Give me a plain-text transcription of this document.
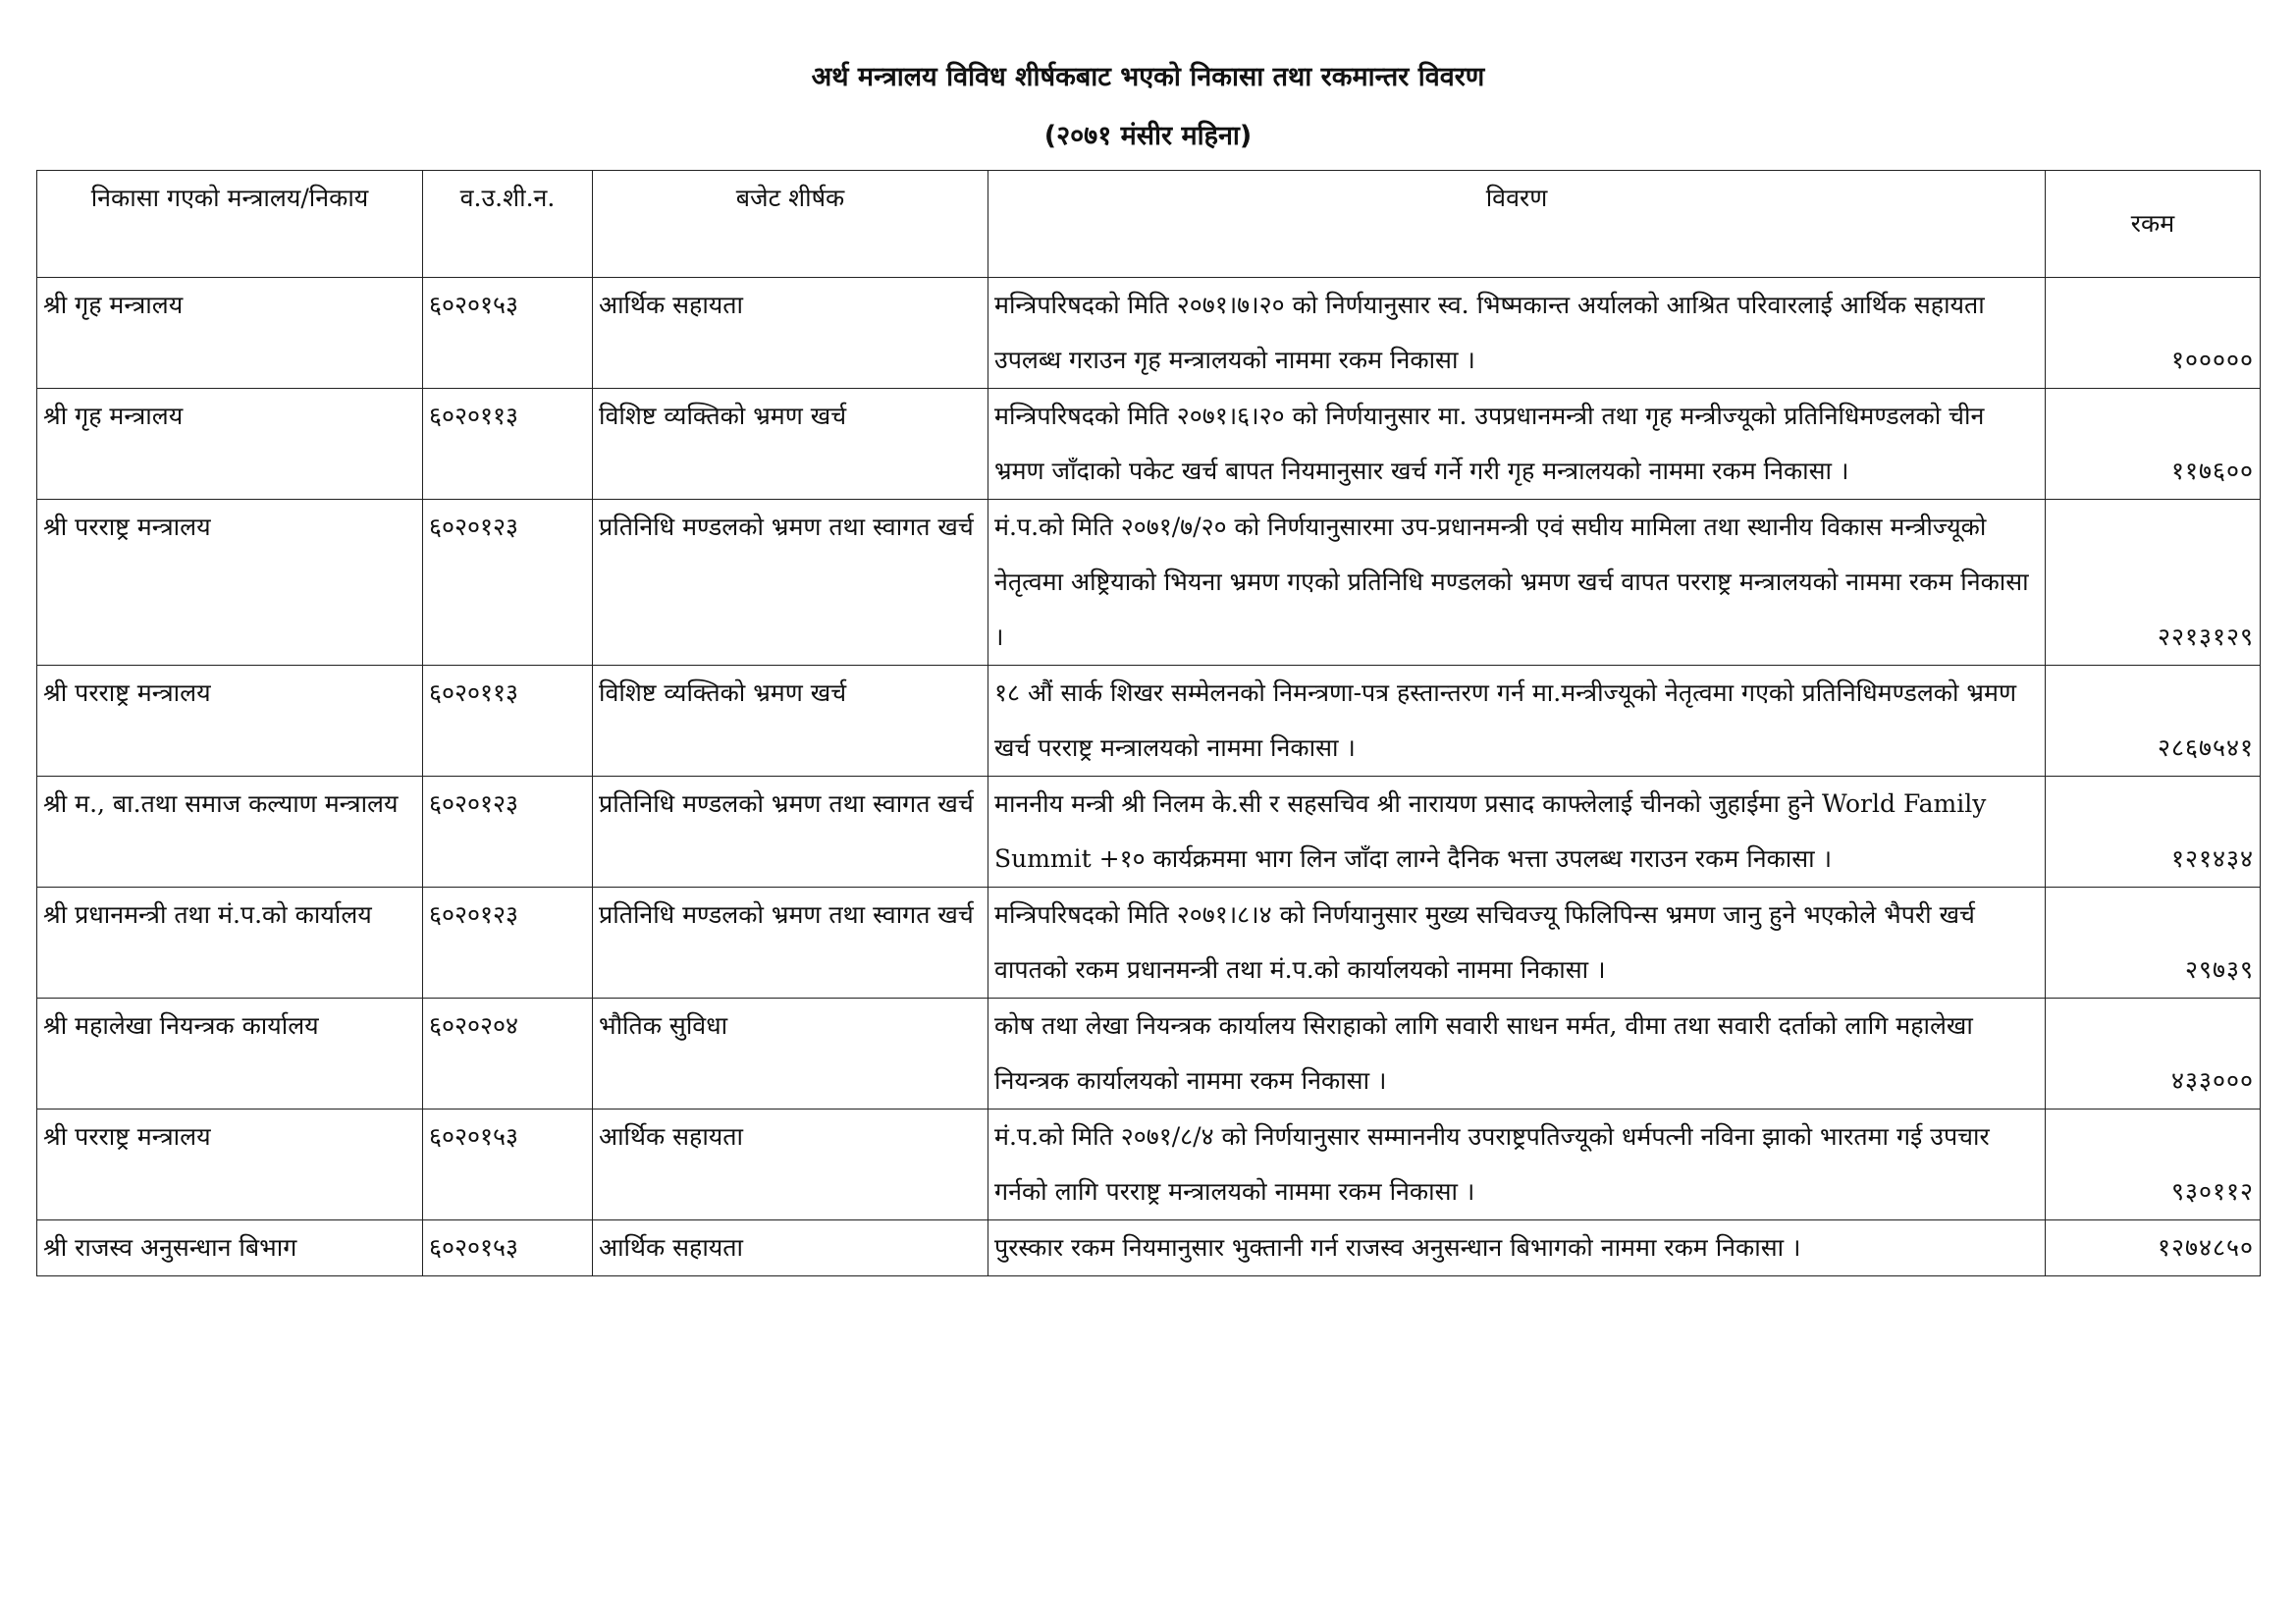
अर्थ मन्त्रालय विविध शीर्षकबाट भएको निकासा तथा रकमान्तर विवरण
(२०७१ मंसीर महिना)
निकासा गएको मन्त्रालय/निकाय	व.उ.शी.न.	बजेट शीर्षक	विवरण	रकम
श्री गृह मन्त्रालय	६०२०१५३	आर्थिक सहायता	मन्त्रिपरिषदको मिति २०७१।७।२० को निर्णयानुसार स्व. भिष्मकान्त अर्यालको आश्रित परिवारलाई आर्थिक सहायता उपलब्ध गराउन गृह मन्त्रालयको नाममा रकम निकासा ।	१०००००
श्री गृह मन्त्रालय	६०२०११३	विशिष्ट व्यक्तिको भ्रमण खर्च	मन्त्रिपरिषदको मिति २०७१।६।२० को निर्णयानुसार मा. उपप्रधानमन्त्री तथा गृह मन्त्रीज्यूको प्रतिनिधिमण्डलको चीन भ्रमण जाँदाको पकेट खर्च बापत नियमानुसार खर्च गर्ने गरी गृह मन्त्रालयको नाममा रकम निकासा ।	११७६००
श्री परराष्ट्र मन्त्रालय	६०२०१२३	प्रतिनिधि मण्डलको भ्रमण तथा स्वागत खर्च	मं.प.को मिति २०७१/७/२० को निर्णयानुसारमा उप-प्रधानमन्त्री एवं सघीय मामिला तथा स्थानीय विकास मन्त्रीज्यूको नेतृत्वमा अष्ट्रियाको भियना भ्रमण गएको प्रतिनिधि मण्डलको भ्रमण खर्च वापत परराष्ट्र मन्त्रालयको नाममा रकम निकासा ।	२२१३१२९
श्री परराष्ट्र मन्त्रालय	६०२०११३	विशिष्ट व्यक्तिको भ्रमण खर्च	१८ औं सार्क शिखर सम्मेलनको निमन्त्रणा-पत्र हस्तान्तरण गर्न मा.मन्त्रीज्यूको नेतृत्वमा गएको प्रतिनिधिमण्डलको भ्रमण खर्च परराष्ट्र मन्त्रालयको नाममा निकासा ।	२८६७५४१
श्री म., बा.तथा समाज कल्याण मन्त्रालय	६०२०१२३	प्रतिनिधि मण्डलको भ्रमण तथा स्वागत खर्च	माननीय मन्त्री श्री निलम के.सी र सहसचिव श्री नारायण प्रसाद काफ्लेलाई चीनको जुहाईमा हुने World Family Summit +१० कार्यक्रममा भाग लिन जाँदा लाग्ने दैनिक भत्ता उपलब्ध गराउन रकम निकासा ।	१२१४३४
श्री प्रधानमन्त्री तथा मं.प.को कार्यालय	६०२०१२३	प्रतिनिधि मण्डलको भ्रमण तथा स्वागत खर्च	मन्त्रिपरिषदको मिति २०७१।८।४ को निर्णयानुसार मुख्य सचिवज्यू फिलिपिन्स भ्रमण जानु हुने भएकोले भैपरी खर्च वापतको रकम प्रधानमन्त्री तथा मं.प.को कार्यालयको नाममा निकासा ।	२९७३९
श्री महालेखा नियन्त्रक कार्यालय	६०२०२०४	भौतिक सुविधा	कोष तथा लेखा नियन्त्रक कार्यालय सिराहाको लागि सवारी साधन मर्मत, वीमा तथा सवारी दर्ताको लागि महालेखा नियन्त्रक कार्यालयको नाममा रकम निकासा ।	४३३०००
श्री परराष्ट्र मन्त्रालय	६०२०१५३	आर्थिक सहायता	मं.प.को मिति २०७१/८/४ को निर्णयानुसार सम्माननीय उपराष्ट्रपतिज्यूको धर्मपत्नी नविना झाको भारतमा गई उपचार गर्नको लागि परराष्ट्र मन्त्रालयको नाममा रकम निकासा ।	९३०११२
श्री राजस्व अनुसन्धान बिभाग	६०२०१५३	आर्थिक सहायता	पुरस्कार रकम नियमानुसार भुक्तानी गर्न राजस्व अनुसन्धान बिभागको नाममा रकम निकासा ।	१२७४८५०
